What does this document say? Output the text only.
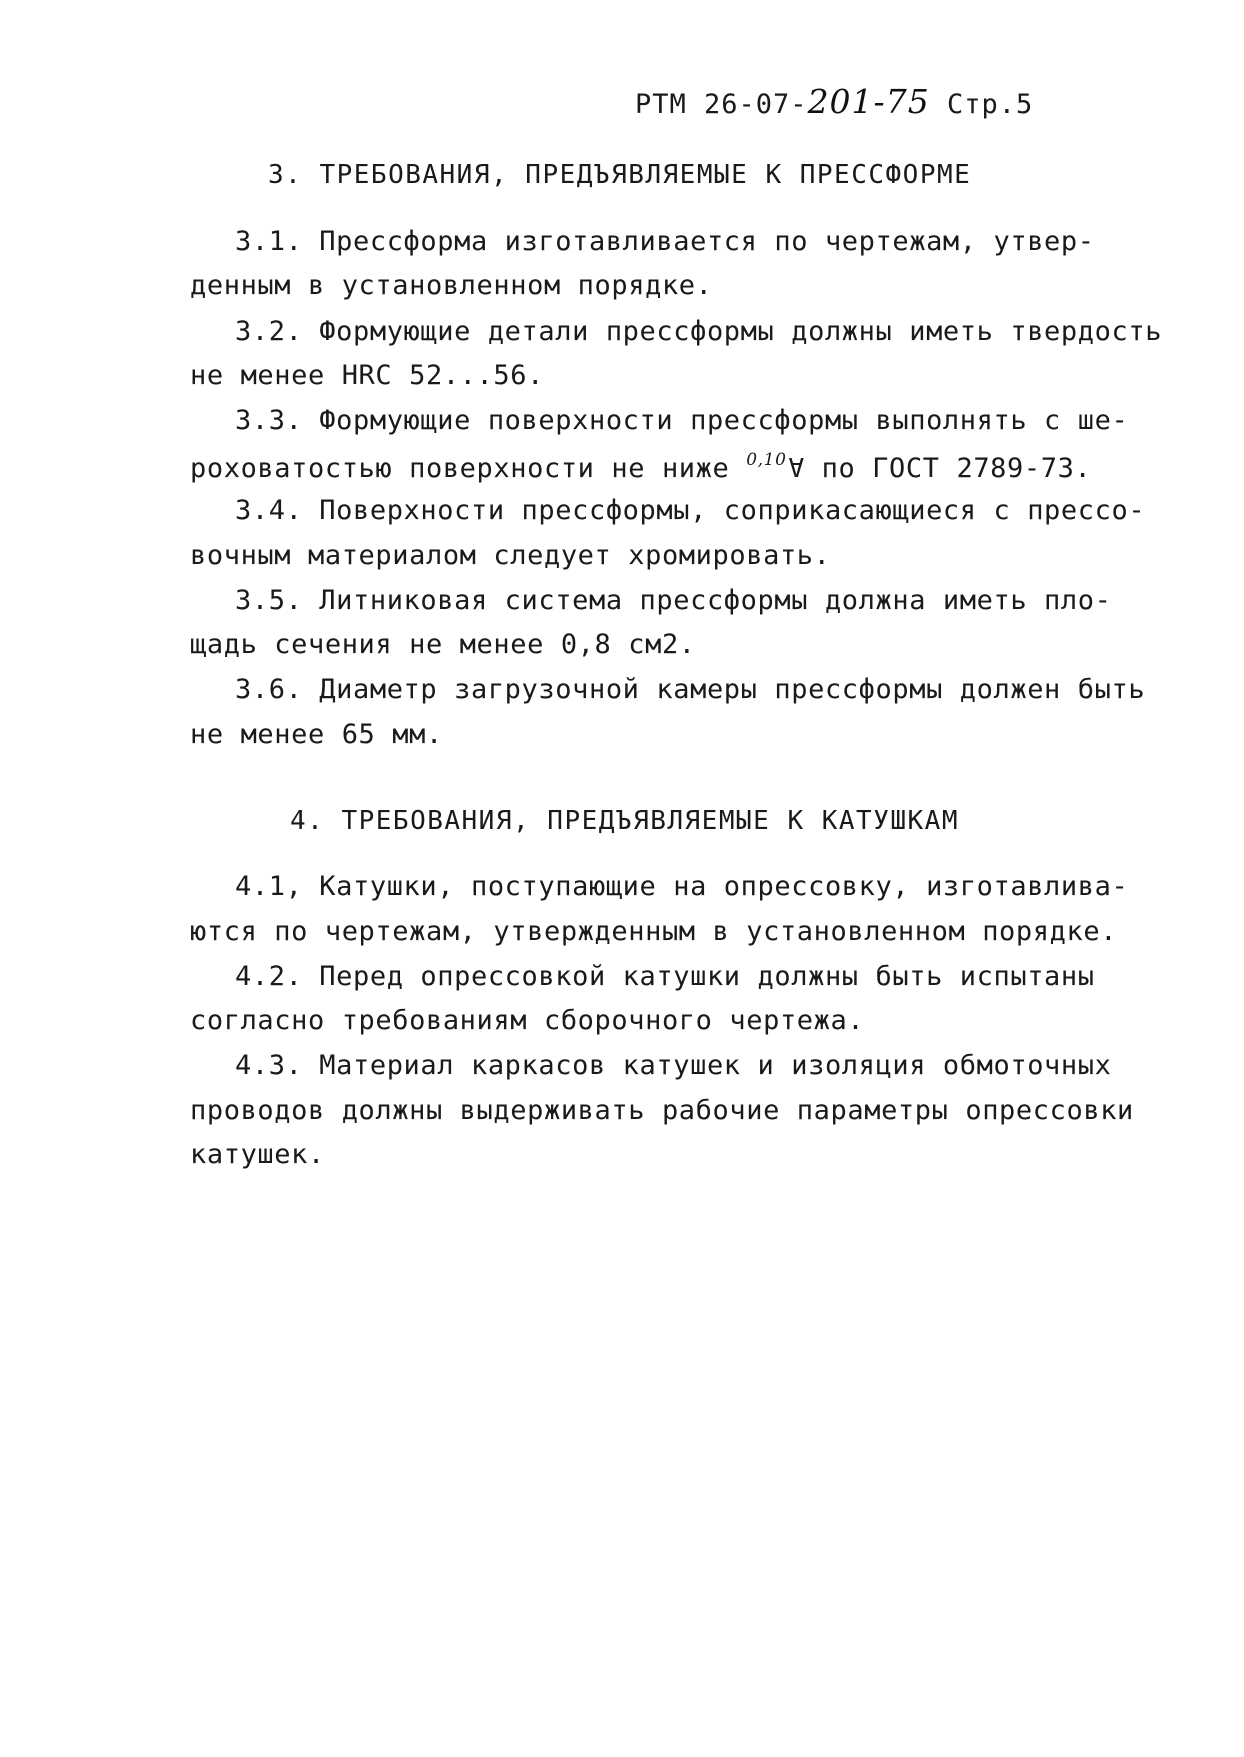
РТМ 26-07-201-75 Стр.5
3. ТРЕБОВАНИЯ, ПРЕДЪЯВЛЯЕМЫЕ К ПРЕССФОРМЕ
3.1. Прессформа изготавливается по чертежам, утвер-
денным в установленном порядке.
3.2. Формующие детали прессформы должны иметь твердость
не менее HRC 52...56.
3.3. Формующие поверхности прессформы выполнять с ше-
роховатостью поверхности не ниже $^{0,10}$∀ по ГОСТ 2789-73.
3.4. Поверхности прессформы, соприкасающиеся с прессо-
вочным материалом следует хромировать.
3.5. Литниковая система прессформы должна иметь пло-
щадь сечения не менее 0,8 см2.
3.6. Диаметр загрузочной камеры прессформы должен быть
не менее 65 мм.
4. ТРЕБОВАНИЯ, ПРЕДЪЯВЛЯЕМЫЕ К КАТУШКАМ
4.1, Катушки, поступающие на опрессовку, изготавлива-
ются по чертежам, утвержденным в установленном порядке.
4.2. Перед опрессовкой катушки должны быть испытаны
согласно требованиям сборочного чертежа.
4.3. Материал каркасов катушек и изоляция обмоточных
проводов должны выдерживать рабочие параметры опрессовки
катушек.
